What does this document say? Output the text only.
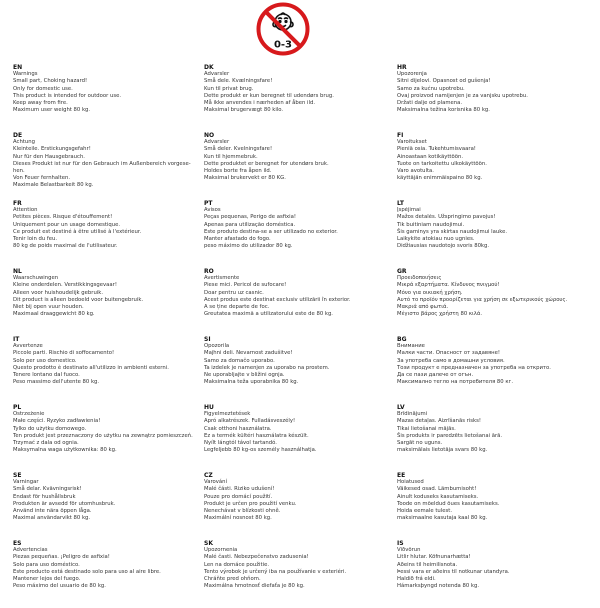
0-3
EN
Warnings
Small part, Choking hazard!
Only for domestic use.
This product is intended for outdoor use.
Keep away from fire.
Maximum user weight 80 kg.
DE
Achtung
Kleinteile. Erstickungsgefahr!
Nur für den Hausgebrauch.
Dieses Produkt ist nur für den Gebrauch im Außenbereich vorgese-
hen.
Von Feuer fernhalten.
Maximale Belastbarkeit 80 kg.
FR
Attention
Petites pièces. Risque d'étouffement!
Uniquement pour un usage domestique.
Ce produit est destiné à être utilisé à l'extérieur.
Tenir loin du feu.
80 kg de poids maximal de l'utilisateur.
NL
Waarschuwingen
Kleine onderdelen. Verstikkingsgevaar!
Alleen voor huishoudelijk gebruik.
Dit product is alleen bedoeld voor buitengebruik.
Niet bij open vuur houden.
Maximaal draaggewicht 80 kg.
IT
Avvertenze
Piccole parti. Rischio di soffocamento!
Solo per uso domestico.
Questo prodotto è destinato all'utilizzo in ambienti esterni.
Tenere lontano dal fuoco.
Peso massimo dell'utente 80 kg.
PL
Ostrzeżenie
Małe części. Ryzyko zadławienia!
Tylko do użytku domowego.
Ten produkt jest przeznaczony do użytku na zewnątrz pomieszczeń.
Trzymać z dala od ognia.
Maksymalna waga użytkownika: 80 kg.
SE
Varningar
Små delar. Kvävningsrisk!
Endast för hushållsbruk
Produkten är avsedd för utomhusbruk.
Använd inte nära öppen låga.
Maximal användarvikt 80 kg.
ES
Advertencias
Piezas pequeñas. ¡Peligro de asfixia!
Solo para uso doméstico.
Este producto está destinado solo para uso al aire libre.
Mantener lejos del fuego.
Peso máximo del usuario de 80 kg.
DK
Advarsler
Små dele. Kvælningsfare!
Kun til privat brug.
Dette produkt er kun beregnet til udendørs brug.
Må ikke anvendes i nærheden af åben ild.
Maksimal brugervægt 80 kilo.
NO
Advarsler
Små deler. Kvelningsfare!
Kun til hjemmebruk.
Dette produktet er beregnet for utendørs bruk.
Holdes borte fra åpen ild.
Maksimal brukervekt er 80 KG.
PT
Avisos
Peças pequenas, Perigo de asfixia!
Apenas para utilização doméstica.
Este produto destina-se a ser utilizado no exterior.
Manter afastado do fogo.
peso máximo do utilizador 80 kg.
RO
Avertismente
Piese mici. Pericol de sufocare!
Doar pentru uz casnic.
Acest produs este destinat exclusiv utilizării în exterior.
A se ține departe de foc.
Greutatea maximă a utilizatorului este de 80 kg.
SI
Opozorila
Majhni deli. Nevarnost zadušitve!
Samo za domačo uporabo.
Ta izdelek je namenjen za uporabo na prostem.
Ne uporabljajte v bližini ognja.
Maksimalna teža uporabnika 80 kg.
HU
Figyelmeztetések
Apró alkatrészek. Fulladásveszély!
Csak otthoni használatra.
Ez a termék kültéri használatra készült.
Nyílt lángtól távol tartandó.
Legfeljebb 80 kg-os személy használhatja.
CZ
Varování
Malé části. Riziko udušení!
Pouze pro domácí použití.
Produkt je určen pro použití venku.
Nenechávat v blízkosti ohně.
Maximální nosnost 80 kg.
SK
Upozornenia
Malé časti. Nebezpečenstvo zadusenia!
Len na domáce použitie.
Tento výrobok je určený iba na používanie v exteriéri.
Chráňte pred ohňom.
Maximálna hmotnosť diefaťa je 80 kg.
HR
Upozorenja
Sitni dijelovi. Opasnost od gušenja!
Samo za kućnu upotrebu.
Ovaj proizvod namijenjen je za vanjsku upotrebu.
Držati dalje od plamena.
Maksimalna težina korisnika 80 kg.
FI
Varoitukset
Pieniä osia. Tukehtumisvaara!
Ainoastaan kotikäyttöön.
Tuote on tarkoitettu ulkokäyttöön.
Varo avotulta.
käyttäjän enimmäispaino 80 kg.
LT
Įspėjimai
Mažos detalės. Užspringimo pavojus!
Tik buitiniam naudojimui.
Šis gaminys yra skirtas naudojimui lauke.
Laikykite atokiau nuo ugnies.
Didžiausias naudotojo svoris 80kg.
GR
Προειδοποιήσεις
Μικρά εξαρτήματα. Κίνδυνος πνιγμού!
Μόνο για οικιακή χρήση.
Αυτό το προϊόν προορίζεται για χρήση σε εξωτερικούς χώρους.
Μακριά από φωτιά.
Μέγιστο βάρος χρήστη 80 κιλά.
BG
Внимание
Малки части. Опасност от задавяне!
За употреба само в домашни условия.
Този продукт е предназначен за употреба на открито.
Да се пази далече от огън.
Максимално тегло на потребителя 80 кг.
LV
Brīdinājumi
Mazas detaļas. Aizrīšanās risks!
Tikai lietošanai mājās.
Šis produkts ir paredzēts lietošanai ārā.
Sargāt no uguns.
maksimālais lietotāja svars 80 kg.
EE
Hoiatused
Väikesed osad. Lämbumisoht!
Ainult koduseks kasutamiseks.
Toode on mõeldud õues kasutamiseks.
Hoida eemale tulest.
maksimaalne kasutaja kaal 80 kg.
IS
Viðvörun
Litlir hlutar. Köfnunarhætta!
Aðeins til heimilisnota.
Þessi vara er aðeins til notkunar utandyra.
Haldið frá eldi.
Hámarksþyngd notenda 80 kg.
